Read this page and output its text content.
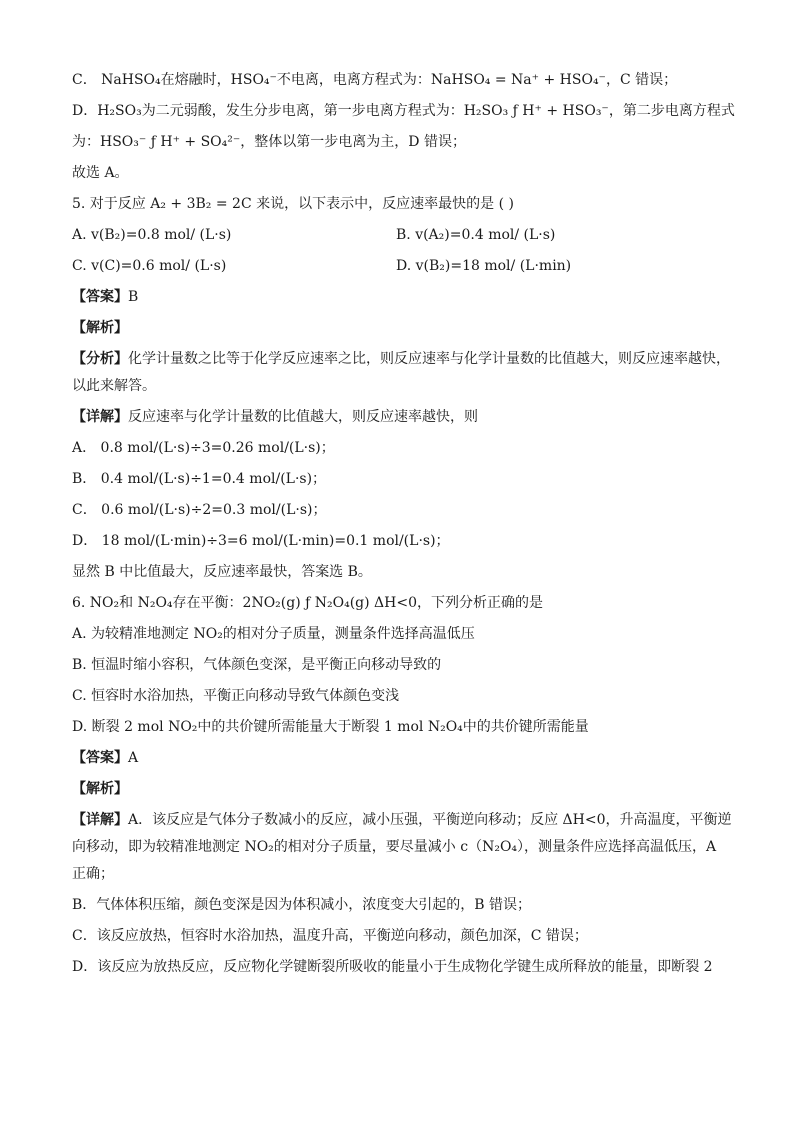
C． NaHSO₄在熔融时，HSO₄⁻不电离，电离方程式为：NaHSO₄ = Na⁺ + HSO₄⁻，C 错误；
D．H₂SO₃为二元弱酸，发生分步电离，第一步电离方程式为：H₂SO₃ ƒ H⁺ + HSO₃⁻，第二步电离方程式
为：HSO₃⁻ ƒ H⁺ + SO₄²⁻，整体以第一步电离为主，D 错误；
故选 A。
5. 对于反应 A₂ + 3B₂ = 2C 来说，以下表示中，反应速率最快的是 ( )
A. v(B₂)=0.8 mol/ (L·s)	B. v(A₂)=0.4 mol/ (L·s)
C. v(C)=0.6 mol/ (L·s)	D. v(B₂)=18 mol/ (L·min)
【答案】B
【解析】
【分析】化学计量数之比等于化学反应速率之比，则反应速率与化学计量数的比值越大，则反应速率越快，
以此来解答。
【详解】反应速率与化学计量数的比值越大，则反应速率越快，则
A． 0.8 mol/(L·s)÷3=0.26 mol/(L·s)；
B． 0.4 mol/(L·s)÷1=0.4 mol/(L·s)；
C． 0.6 mol/(L·s)÷2=0.3 mol/(L·s)；
D． 18 mol/(L·min)÷3=6 mol/(L·min)=0.1 mol/(L·s)；
显然 B 中比值最大，反应速率最快，答案选 B。
6. NO₂和 N₂O₄存在平衡：2NO₂(g) ƒ N₂O₄(g) ΔH<0，下列分析正确的是
A. 为较精准地测定 NO₂的相对分子质量，测量条件选择高温低压
B. 恒温时缩小容积，气体颜色变深，是平衡正向移动导致的
C. 恒容时水浴加热，平衡正向移动导致气体颜色变浅
D. 断裂 2 mol NO₂中的共价键所需能量大于断裂 1 mol N₂O₄中的共价键所需能量
【答案】A
【解析】
【详解】A．该反应是气体分子数减小的反应，减小压强，平衡逆向移动；反应 ΔH<0，升高温度，平衡逆
向移动，即为较精准地测定 NO₂的相对分子质量，要尽量减小 c（N₂O₄），测量条件应选择高温低压，A
正确；
B．气体体积压缩，颜色变深是因为体积减小，浓度变大引起的，B 错误；
C．该反应放热，恒容时水浴加热，温度升高，平衡逆向移动，颜色加深，C 错误；
D．该反应为放热反应，反应物化学键断裂所吸收的能量小于生成物化学键生成所释放的能量，即断裂 2
